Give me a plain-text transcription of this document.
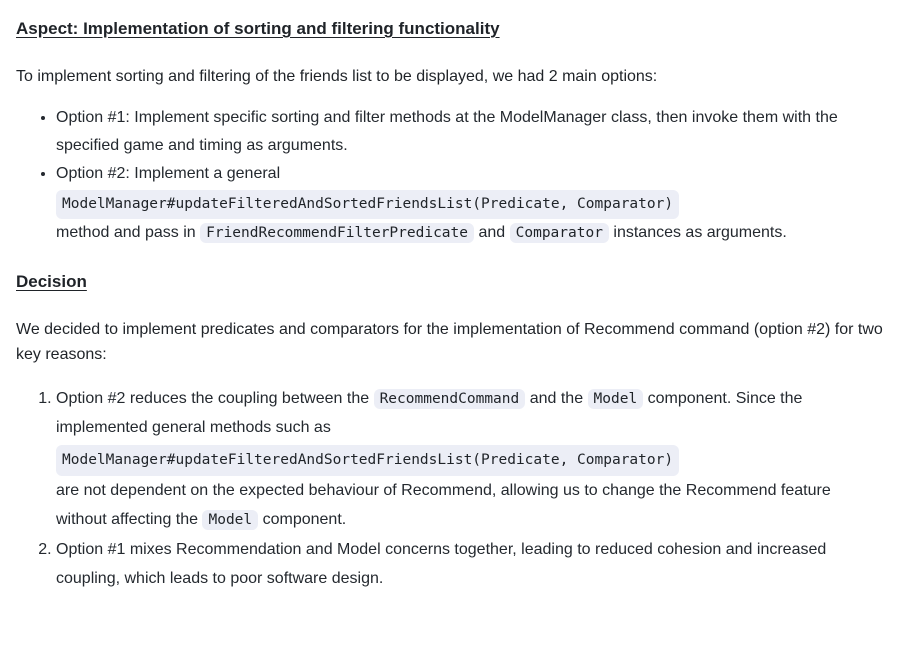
Aspect: Implementation of sorting and filtering functionality

To implement sorting and filtering of the friends list to be displayed, we had 2 main options:

• Option #1: Implement specific sorting and filter methods at the ModelManager class, then invoke them with the specified game and timing as arguments.
• Option #2: Implement a general
ModelManager#updateFilteredAndSortedFriendsList(Predicate, Comparator)
method and pass in FriendRecommendFilterPredicate and Comparator instances as arguments.
Decision

We decided to implement predicates and comparators for the implementation of Recommend command (option #2) for two key reasons:

1. Option #2 reduces the coupling between the RecommendCommand and the Model component. Since the implemented general methods such as
ModelManager#updateFilteredAndSortedFriendsList(Predicate, Comparator)
are not dependent on the expected behaviour of Recommend, allowing us to change the Recommend feature without affecting the Model component.
2. Option #1 mixes Recommendation and Model concerns together, leading to reduced cohesion and increased coupling, which leads to poor software design.
